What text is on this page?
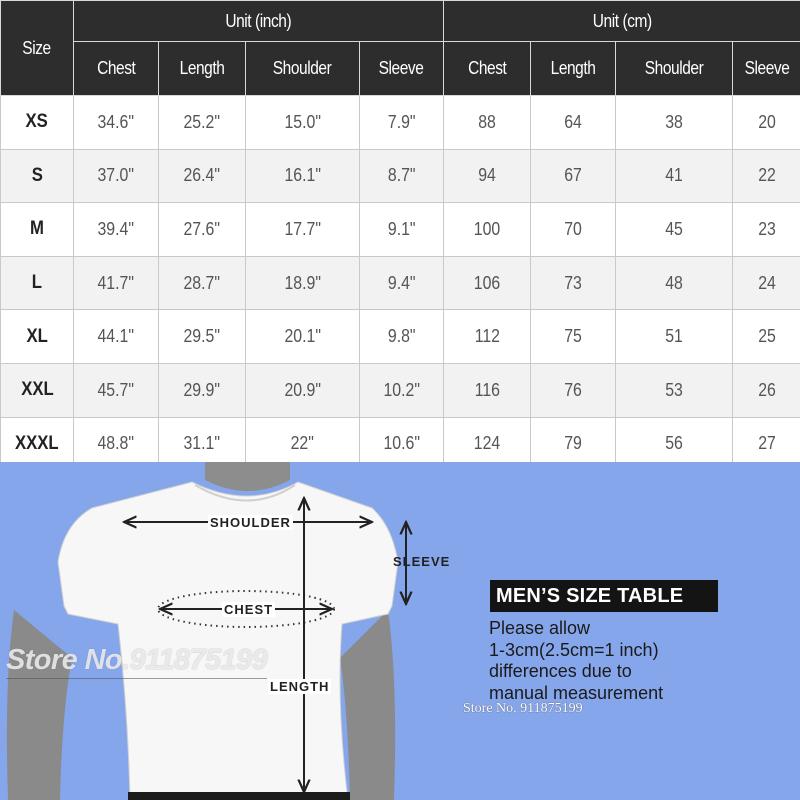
Size	Unit (inch)				Unit (cm)			
	Chest	Length	Shoulder	Sleeve	Chest	Length	Shoulder	Sleeve
XS	34.6"	25.2"	15.0"	7.9"	88	64	38	20
S	37.0"	26.4"	16.1"	8.7"	94	67	41	22
M	39.4"	27.6"	17.7"	9.1"	100	70	45	23
L	41.7"	28.7"	18.9"	9.4"	106	73	48	24
XL	44.1"	29.5"	20.1"	9.8"	112	75	51	25
XXL	45.7"	29.9"	20.9"	10.2"	116	76	53	26
XXXL	48.8"	31.1"	22"	10.6"	124	79	56	27
SHOULDER
SLEEVE
CHEST
LENGTH
MEN’S SIZE TABLE
Please allow
1-3cm(2.5cm=1 inch)
differences due to
manual measurement
Store No.911875199
Store No. 911875199
